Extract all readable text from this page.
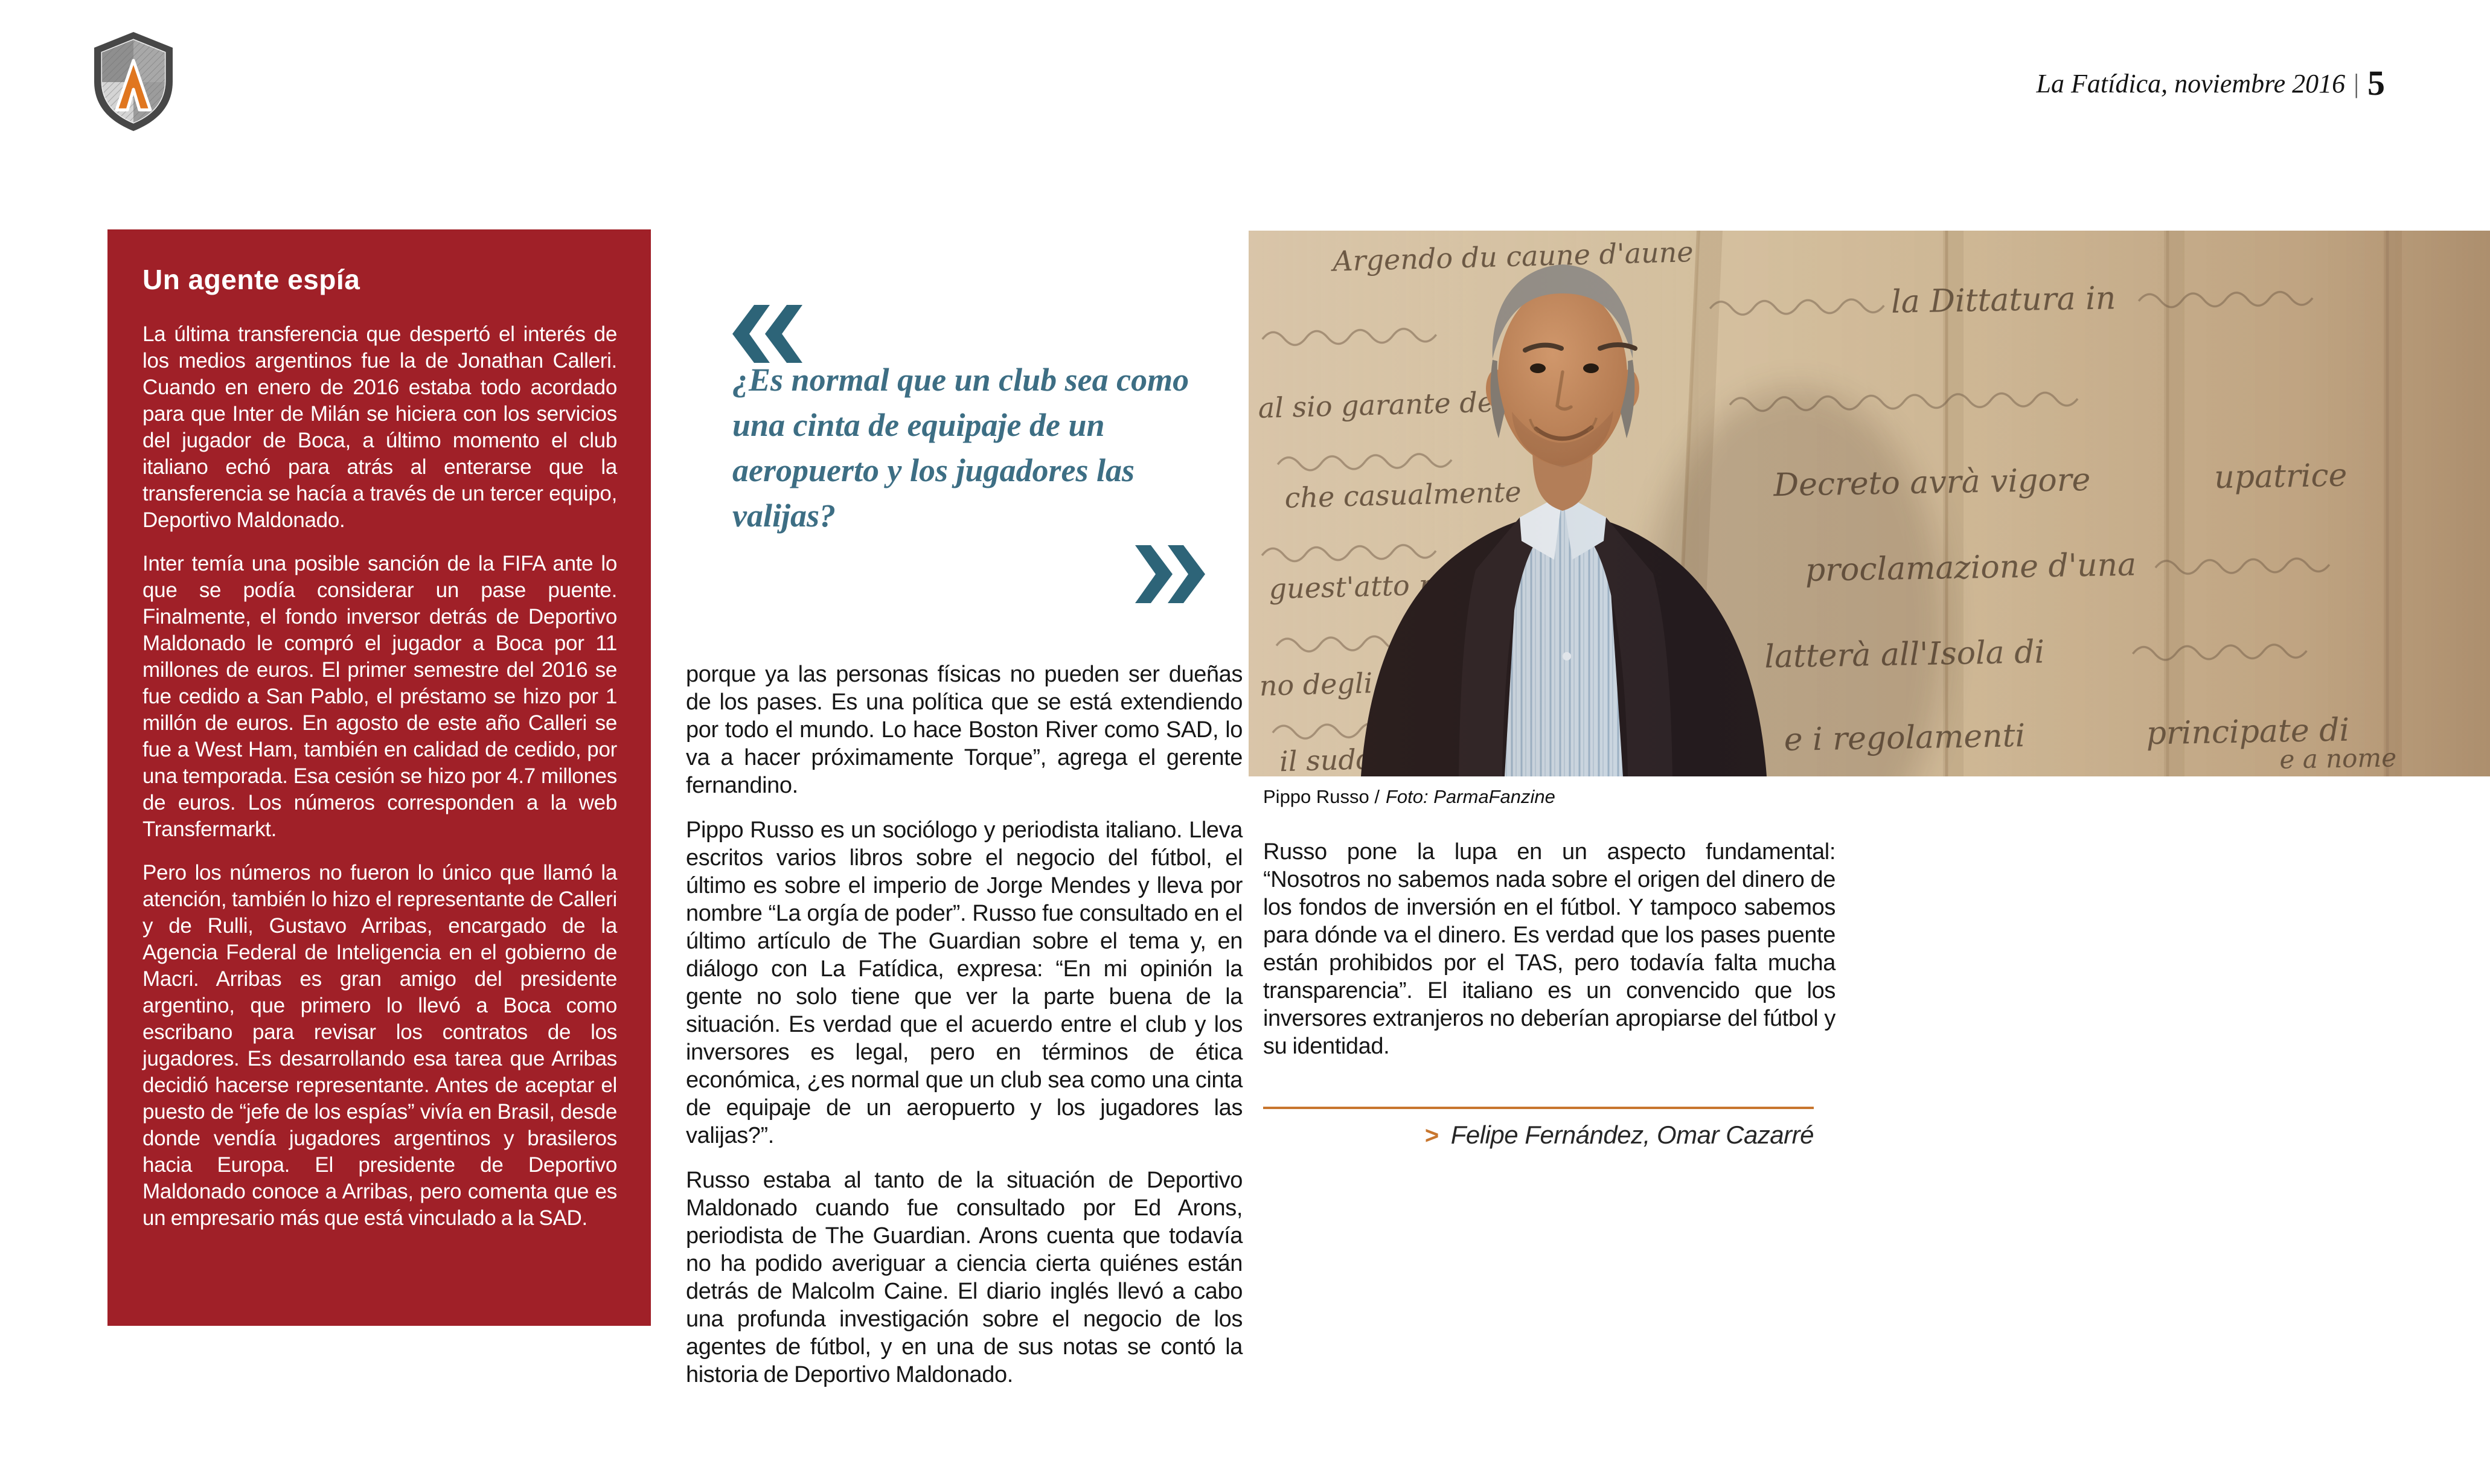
La Fatídica, noviembre 2016 | 5
Un agente espía

La última transferencia que despertó el interés de los medios argentinos fue la de Jonathan Calleri. Cuando en enero de 2016 estaba todo acordado para que Inter de Milán se hiciera con los servicios del jugador de Boca, a último momento el club italiano echó para atrás al enterarse que la transferencia se hacía a través de un tercer equipo, Deportivo Maldonado.

Inter temía una posible sanción de la FIFA ante lo que se podía considerar un pase puente. Finalmente, el fondo inversor detrás de Deportivo Maldonado le compró el jugador a Boca por 11 millones de euros. El primer semestre del 2016 se fue cedido a San Pablo, el préstamo se hizo por 1 millón de euros. En agosto de este año Calleri se fue a West Ham, también en calidad de cedido, por una temporada. Esa cesión se hizo por 4.7 millones de euros. Los números corresponden a la web Transfermarkt.

Pero los números no fueron lo único que llamó la atención, también lo hizo el representante de Calleri y de Rulli, Gustavo Arribas, encargado de la Agencia Federal de Inteligencia en el gobierno de Macri. Arribas es gran amigo del presidente argentino, que primero lo llevó a Boca como escribano para revisar los contratos de los jugadores. Es desarrollando esa tarea que Arribas decidió hacerse representante. Antes de aceptar el puesto de “jefe de los espías” vivía en Brasil, desde donde vendía jugadores argentinos y brasileros hacia Europa. El presidente de Deportivo Maldonado conoce a Arribas, pero comenta que es un empresario más que está vinculado a la SAD.

¿Es normal que un club sea como una cinta de equipaje de un aeropuerto y los jugadores las valijas?

porque ya las personas físicas no pueden ser dueñas de los pases. Es una política que se está extendiendo por todo el mundo. Lo hace Boston River como SAD, lo va a hacer próximamente Torque”, agrega el gerente fernandino.

Pippo Russo es un sociólogo y periodista italiano. Lleva escritos varios libros sobre el negocio del fútbol, el último es sobre el imperio de Jorge Mendes y lleva por nombre “La orgía de poder”. Russo fue consultado en el último artículo de The Guardian sobre el tema y, en diálogo con La Fatídica, expresa: “En mi opinión la gente no solo tiene que ver la parte buena de la situación. Es verdad que el acuerdo entre el club y los inversores es legal, pero en términos de ética económica, ¿es normal que un club sea como una cinta de equipaje de un aeropuerto y los jugadores las valijas?”.

Russo estaba al tanto de la situación de Deportivo Maldonado cuando fue consultado por Ed Arons, periodista de The Guardian. Arons cuenta que todavía no ha podido averiguar a ciencia cierta quiénes están detrás de Malcolm Caine. El diario inglés llevó a cabo una profunda investigación sobre el negocio de los agentes de fútbol, y en una de sus notas se contó la historia de Deportivo Maldonado.

Pippo Russo / Foto: ParmaFanzine

Russo pone la lupa en un aspecto fundamental: “Nosotros no sabemos nada sobre el origen del dinero de los fondos de inversión en el fútbol. Y tampoco sabemos para dónde va el dinero. Es verdad que los pases puente están prohibidos por el TAS, pero todavía falta mucha transparencia”. El italiano es un convencido que los inversores extranjeros no deberían apropiarse del fútbol y su identidad.

> Felipe Fernández, Omar Cazarré
